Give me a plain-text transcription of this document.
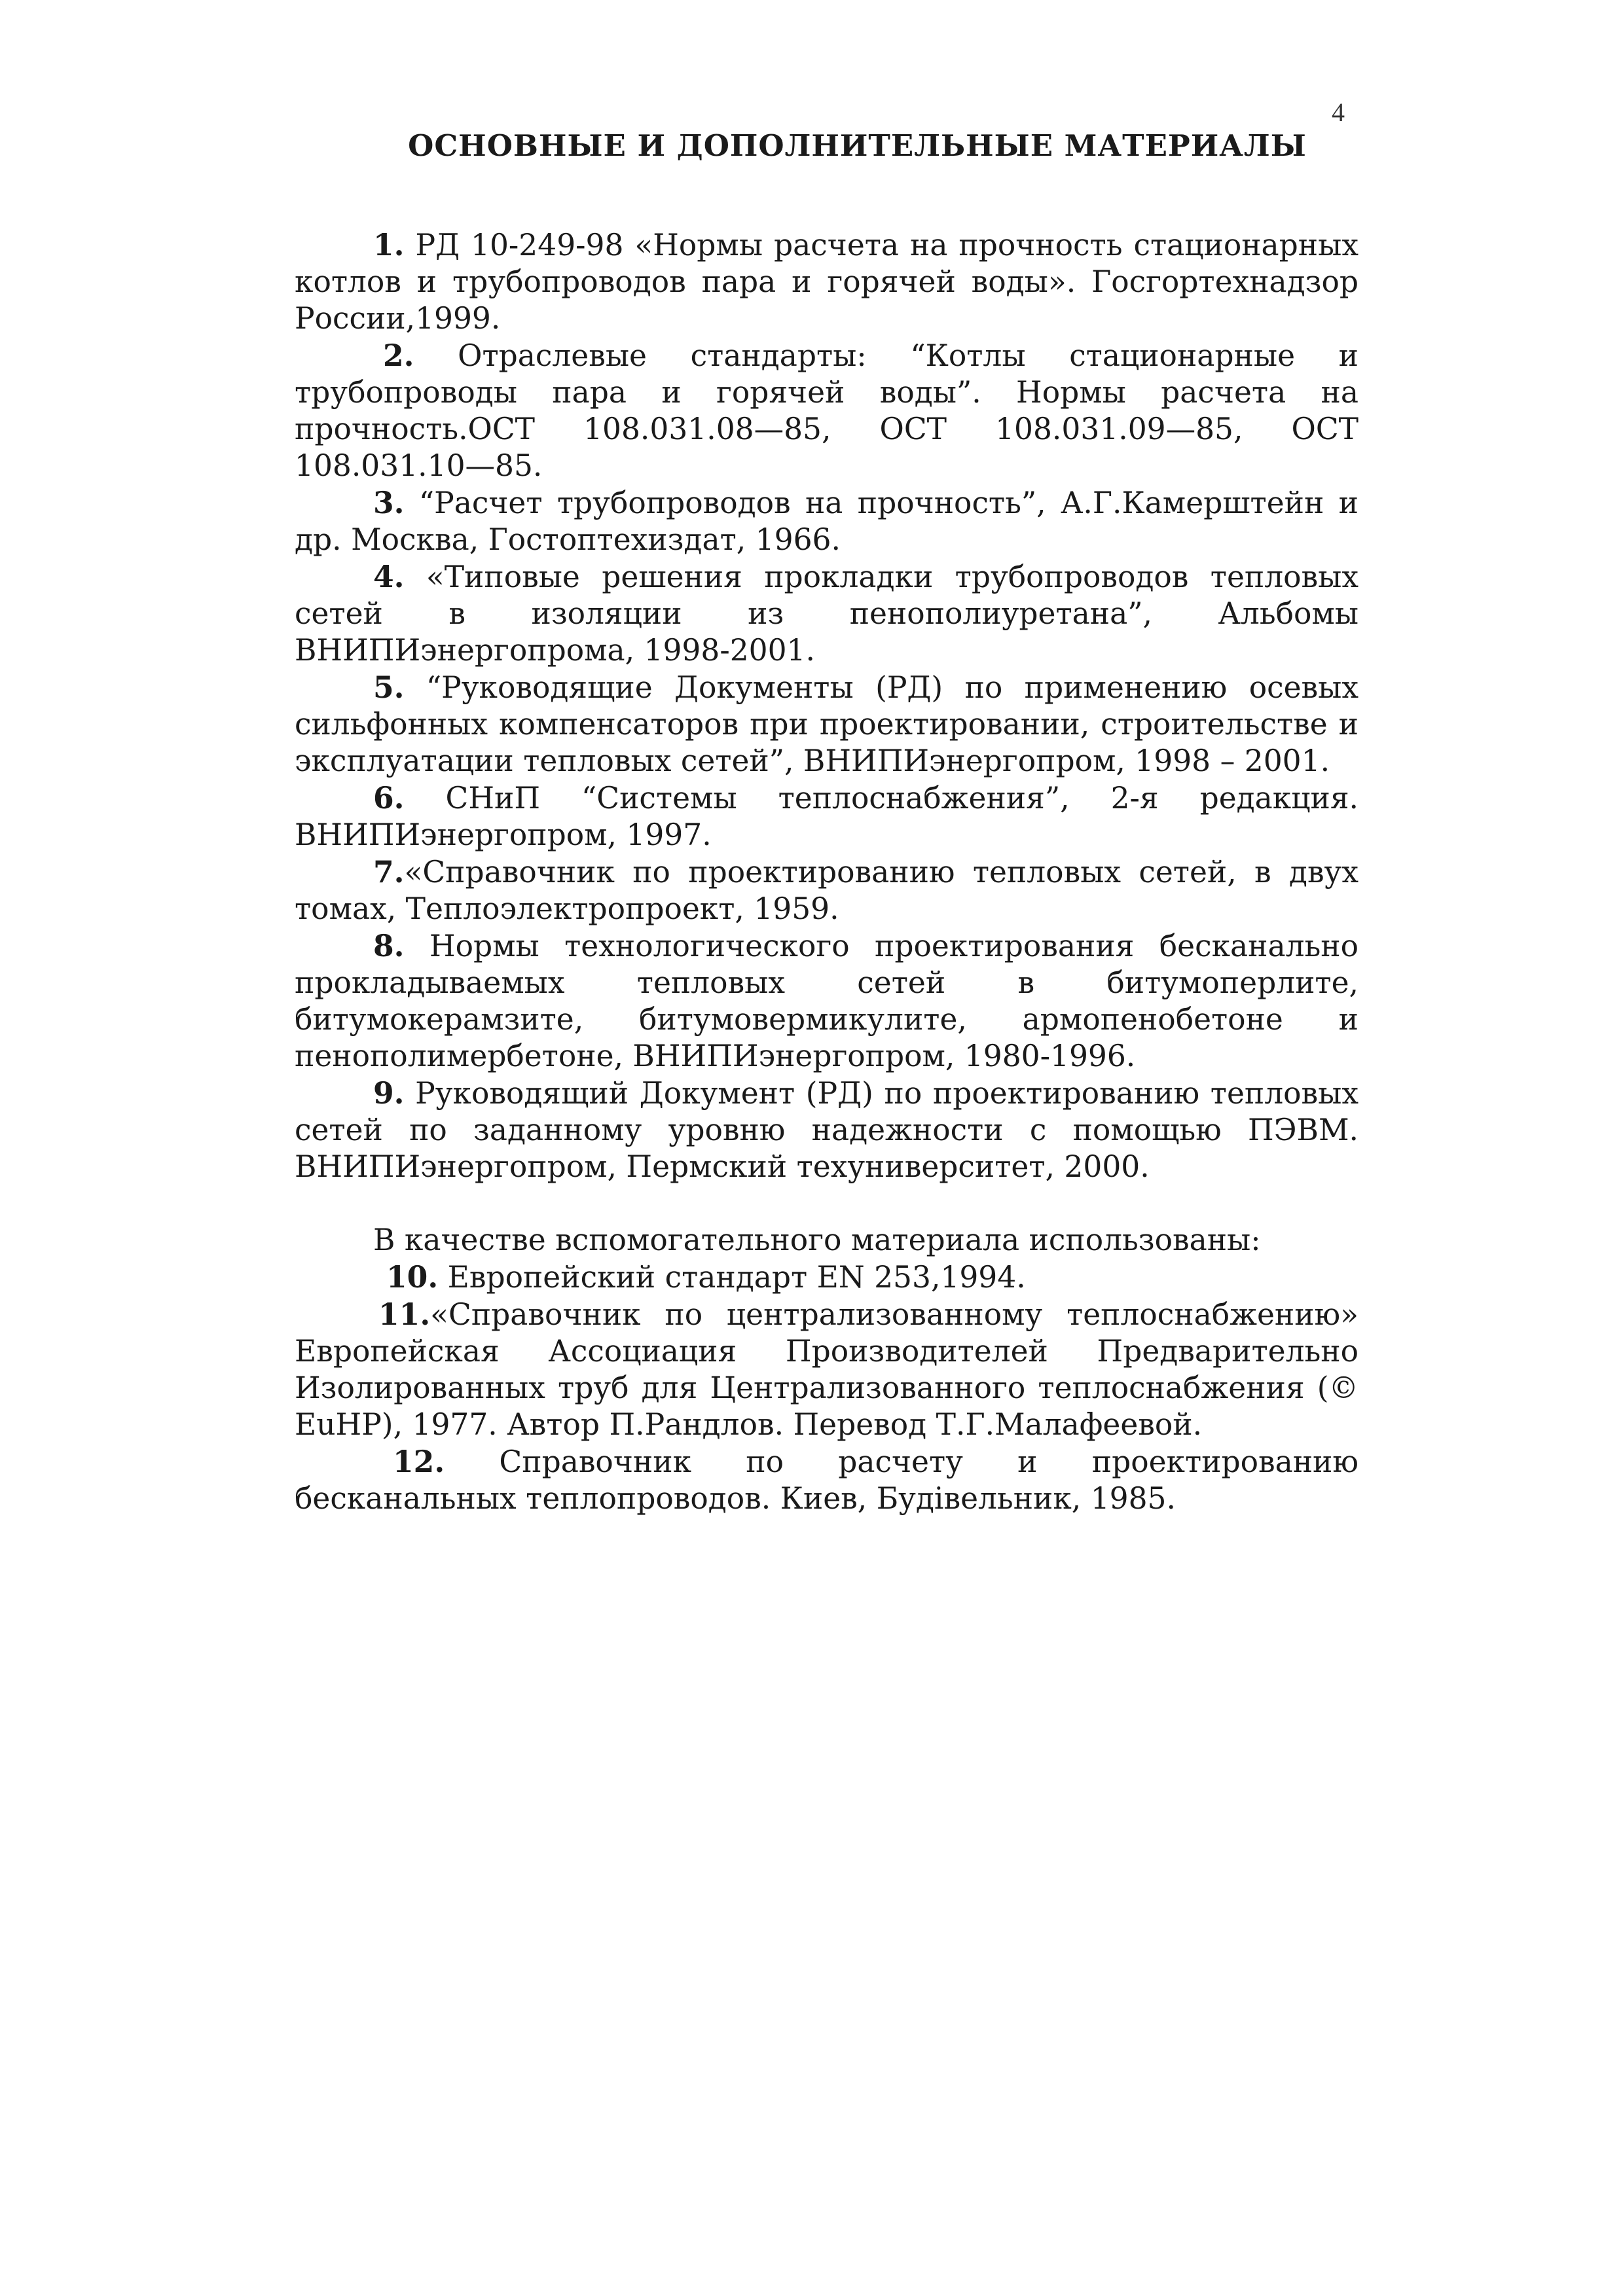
4
ОСНОВНЫЕ И ДОПОЛНИТЕЛЬНЫЕ МАТЕРИАЛЫ

1. РД 10-249-98 «Нормы расчета на прочность стационарных котлов и трубопроводов пара и горячей воды». Госгортехнадзор России,1999.

2. Отраслевые стандарты: “Котлы стационарные и трубопроводы пара и горячей воды”. Нормы расчета на прочность.ОСТ 108.031.08—85, ОСТ 108.031.09—85, ОСТ 108.031.10—85.

3. “Расчет трубопроводов на прочность”, А.Г.Камерштейн и др. Москва, Гостоптехиздат, 1966.

4. «Типовые решения прокладки трубопроводов тепловых сетей в изоляции из пенополиуретана”, Альбомы ВНИПИэнергопрома, 1998-2001.

5. “Руководящие Документы (РД) по применению осевых сильфонных компенсаторов при проектировании, строительстве и эксплуатации тепловых сетей”, ВНИПИэнергопром, 1998 – 2001.

6. СНиП “Системы теплоснабжения”, 2-я редакция. ВНИПИэнергопром, 1997.

7.«Справочник по проектированию тепловых сетей, в двух томах, Теплоэлектропроект, 1959.

8. Нормы технологического проектирования бесканально прокладываемых тепловых сетей в битумоперлите, битумокерамзите, битумовермикулите, армопенобетоне и пенополимербетоне, ВНИПИэнергопром, 1980-1996.

9. Руководящий Документ (РД) по проектированию тепловых сетей по заданному уровню надежности с помощью ПЭВМ. ВНИПИэнергопром, Пермский техуниверситет, 2000.

В качестве вспомогательного материала использованы:

10. Европейский стандарт EN 253,1994.

11.«Справочник по централизованному теплоснабжению» Европейская Ассоциация Производителей Предварительно Изолированных труб для Централизованного теплоснабжения (© EuHP), 1977. Автор П.Рандлов. Перевод Т.Г.Малафеевой.

12. Справочник по расчету и проектированию бесканальных теплопроводов. Киев, Будівельник, 1985.
